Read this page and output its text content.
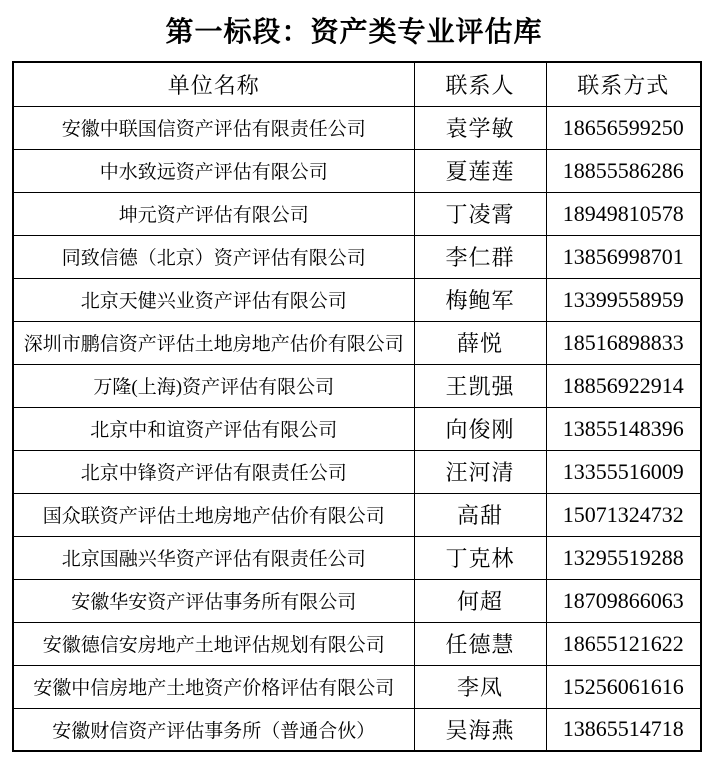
第一标段：资产类专业评估库
单位名称	联系人	联系方式
安徽中联国信资产评估有限责任公司	袁学敏	18656599250
中水致远资产评估有限公司	夏莲莲	18855586286
坤元资产评估有限公司	丁凌霄	18949810578
同致信德（北京）资产评估有限公司	李仁群	13856998701
北京天健兴业资产评估有限公司	梅鲍军	13399558959
深圳市鹏信资产评估土地房地产估价有限公司	薛悦	18516898833
万隆(上海)资产评估有限公司	王凯强	18856922914
北京中和谊资产评估有限公司	向俊刚	13855148396
北京中锋资产评估有限责任公司	汪河清	13355516009
国众联资产评估土地房地产估价有限公司	高甜	15071324732
北京国融兴华资产评估有限责任公司	丁克林	13295519288
安徽华安资产评估事务所有限公司	何超	18709866063
安徽德信安房地产土地评估规划有限公司	任德慧	18655121622
安徽中信房地产土地资产价格评估有限公司	李凤	15256061616
安徽财信资产评估事务所（普通合伙）	吴海燕	13865514718
